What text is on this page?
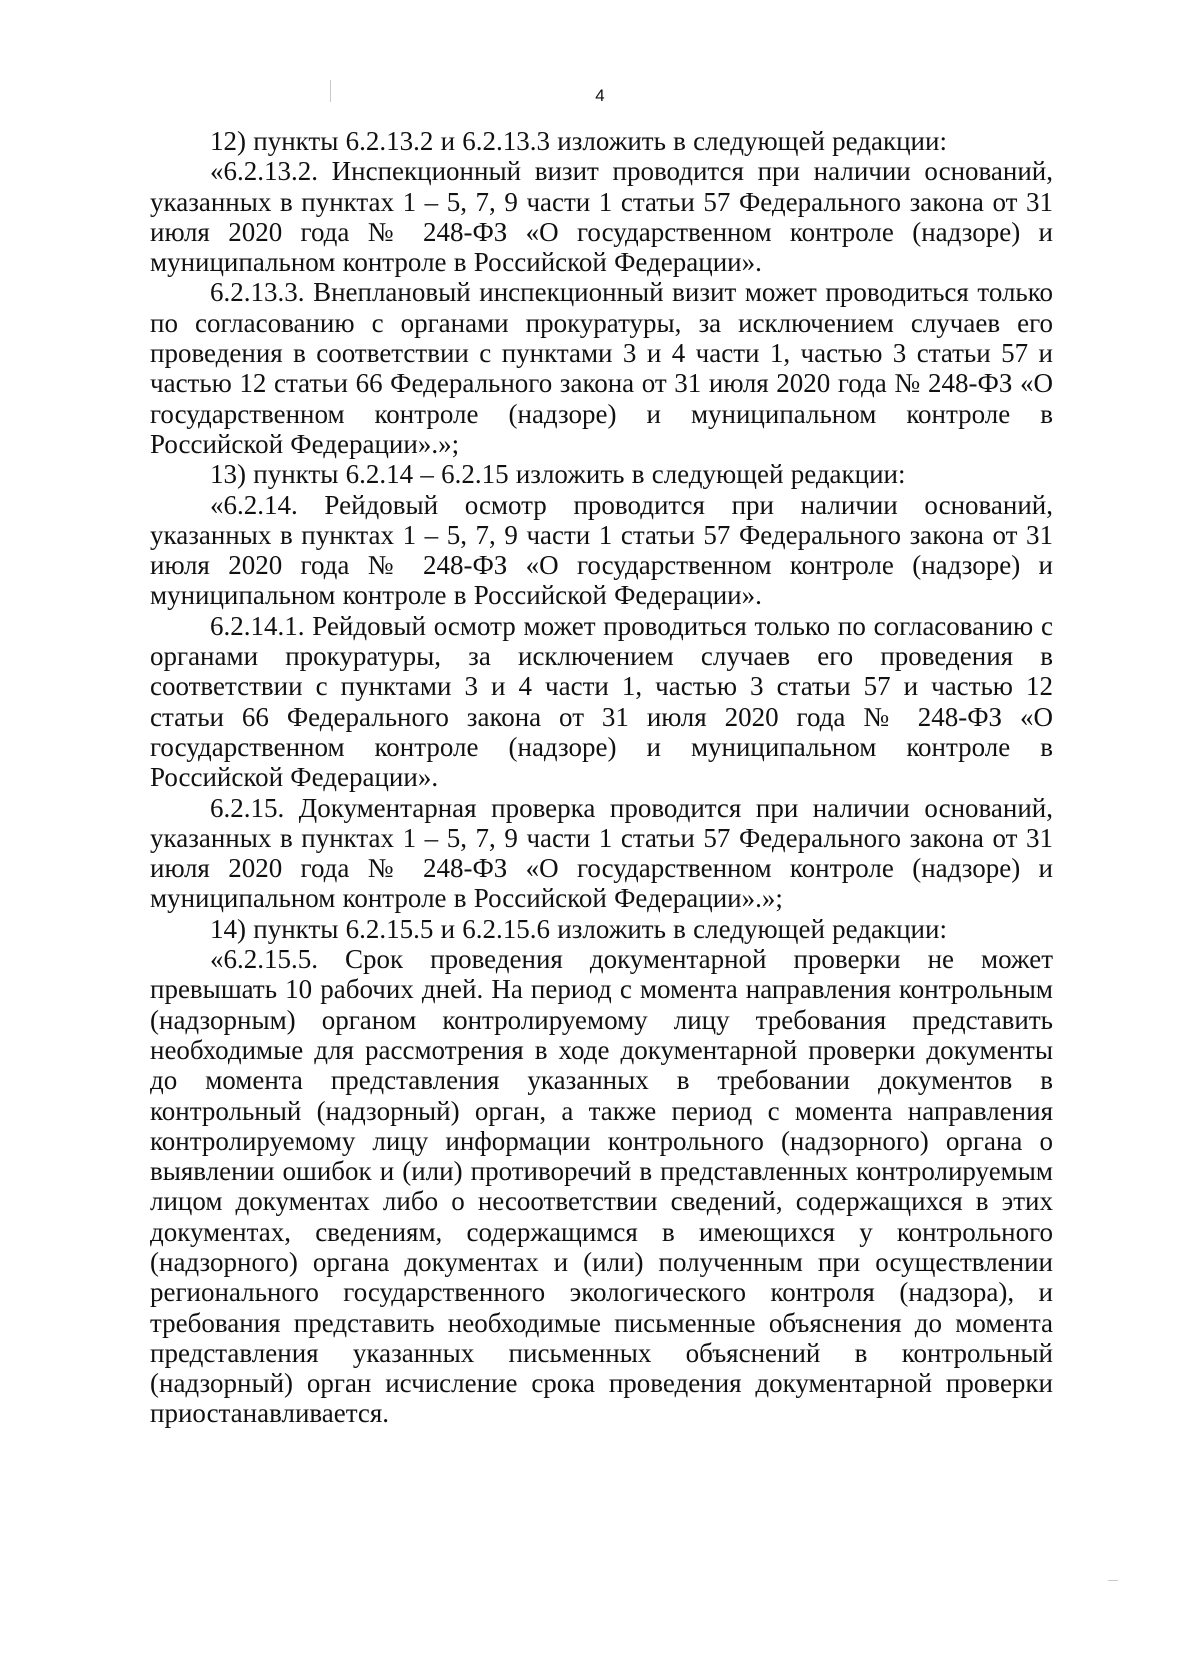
4

12) пункты 6.2.13.2 и 6.2.13.3 изложить в следующей редакции:

«6.2.13.2. Инспекционный визит проводится при наличии оснований, указанных в пунктах 1 – 5, 7, 9 части 1 статьи 57 Федерального закона от 31 июля 2020 года № 248-ФЗ «О государственном контроле (надзоре) и муниципальном контроле в Российской Федерации».

6.2.13.3. Внеплановый инспекционный визит может проводиться только по согласованию с органами прокуратуры, за исключением случаев его проведения в соответствии с пунктами 3 и 4 части 1, частью 3 статьи 57 и частью 12 статьи 66 Федерального закона от 31 июля 2020 года № 248-ФЗ «О государственном контроле (надзоре) и муниципальном контроле в Российской Федерации».»;

13) пункты 6.2.14 – 6.2.15 изложить в следующей редакции:

«6.2.14. Рейдовый осмотр проводится при наличии оснований, указанных в пунктах 1 – 5, 7, 9 части 1 статьи 57 Федерального закона от 31 июля 2020 года № 248-ФЗ «О государственном контроле (надзоре) и муниципальном контроле в Российской Федерации».

6.2.14.1. Рейдовый осмотр может проводиться только по согласованию с органами прокуратуры, за исключением случаев его проведения в соответствии с пунктами 3 и 4 части 1, частью 3 статьи 57 и частью 12 статьи 66 Федерального закона от 31 июля 2020 года № 248-ФЗ «О государственном контроле (надзоре) и муниципальном контроле в Российской Федерации».

6.2.15. Документарная проверка проводится при наличии оснований, указанных в пунктах 1 – 5, 7, 9 части 1 статьи 57 Федерального закона от 31 июля 2020 года № 248-ФЗ «О государственном контроле (надзоре) и муниципальном контроле в Российской Федерации».»;

14) пункты 6.2.15.5 и 6.2.15.6 изложить в следующей редакции:

«6.2.15.5. Срок проведения документарной проверки не может превышать 10 рабочих дней. На период с момента направления контрольным (надзорным) органом контролируемому лицу требования представить необходимые для рассмотрения в ходе документарной проверки документы до момента представления указанных в требовании документов в контрольный (надзорный) орган, а также период с момента направления контролируемому лицу информации контрольного (надзорного) органа о выявлении ошибок и (или) противоречий в представленных контролируемым лицом документах либо о несоответствии сведений, содержащихся в этих документах, сведениям, содержащимся в имеющихся у контрольного (надзорного) органа документах и (или) полученным при осуществлении регионального государственного экологического контроля (надзора), и требования представить необходимые письменные объяснения до момента представления указанных письменных объяснений в контрольный (надзорный) орган исчисление срока проведения документарной проверки приостанавливается.
